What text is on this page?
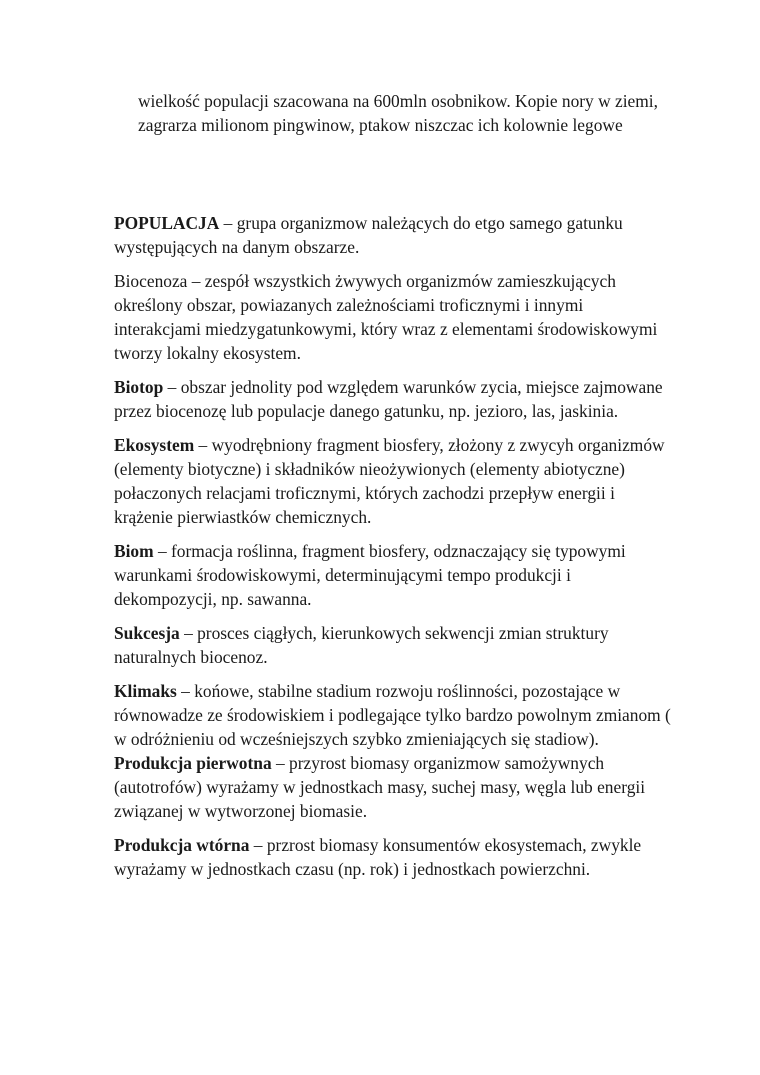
wielkość populacji szacowana na 600mln osobnikow. Kopie nory w ziemi, zagrarza milionom pingwinow, ptakow niszczac ich kolownie legowe

POPULACJA – grupa organizmow należących do etgo samego gatunku występujących na danym obszarze.

Biocenoza – zespół wszystkich żwywych organizmów zamieszkujących określony obszar, powiazanych zależnościami troficznymi i innymi interakcjami miedzygatunkowymi, który wraz z elementami środowiskowymi tworzy lokalny ekosystem.

Biotop – obszar jednolity pod względem warunków zycia, miejsce zajmowane przez biocenozę lub populacje danego gatunku, np. jezioro, las, jaskinia.

Ekosystem – wyodrębniony fragment biosfery, złożony z zwycyh organizmów (elementy biotyczne) i składników nieożywionych (elementy abiotyczne) połaczonych relacjami troficznymi, których zachodzi przepływ energii i krążenie pierwiastków chemicznych.

Biom – formacja roślinna, fragment biosfery, odznaczający się typowymi warunkami środowiskowymi, determinującymi tempo produkcji i dekompozycji, np. sawanna.

Sukcesja – prosces ciągłych, kierunkowych sekwencji zmian struktury naturalnych biocenoz.

Klimaks – końowe, stabilne stadium rozwoju roślinności, pozostające w równowadze ze środowiskiem i podlegające tylko bardzo powolnym zmianom ( w odróżnieniu od wcześniejszych szybko zmieniających się stadiow).

Produkcja pierwotna – przyrost biomasy organizmow samożywnych (autotrofów) wyrażamy w jednostkach masy, suchej masy, węgla lub energii związanej w wytworzonej biomasie.

Produkcja wtórna – przrost biomasy konsumentów ekosystemach, zwykle wyrażamy w jednostkach czasu (np. rok) i jednostkach powierzchni.
